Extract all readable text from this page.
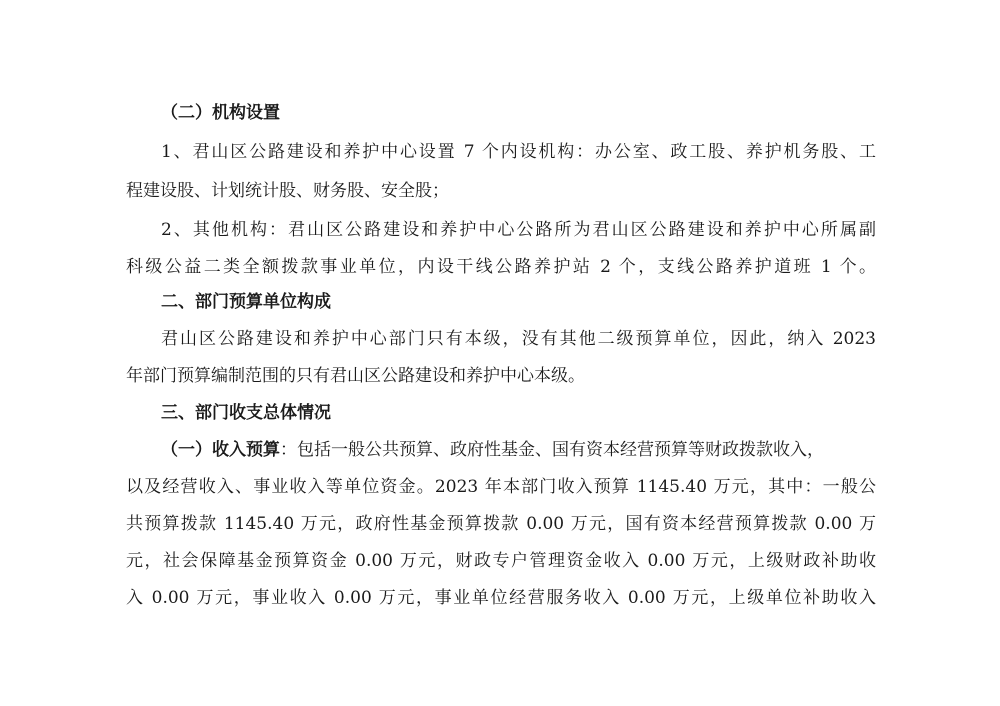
（二）机构设置
1、君山区公路建设和养护中心设置 7 个内设机构：办公室、政工股、养护机务股、工
程建设股、计划统计股、财务股、安全股；
2、其他机构：君山区公路建设和养护中心公路所为君山区公路建设和养护中心所属副
科级公益二类全额拨款事业单位，内设干线公路养护站 2 个，支线公路养护道班 1 个。
二、部门预算单位构成
君山区公路建设和养护中心部门只有本级，没有其他二级预算单位，因此，纳入 2023
年部门预算编制范围的只有君山区公路建设和养护中心本级。
三、部门收支总体情况
（一）收入预算：包括一般公共预算、政府性基金、国有资本经营预算等财政拨款收入，
以及经营收入、事业收入等单位资金。2023 年本部门收入预算 1145.40 万元，其中：一般公
共预算拨款 1145.40 万元，政府性基金预算拨款 0.00 万元，国有资本经营预算拨款 0.00 万
元，社会保障基金预算资金 0.00 万元，财政专户管理资金收入 0.00 万元，上级财政补助收
入 0.00 万元，事业收入 0.00 万元，事业单位经营服务收入 0.00 万元，上级单位补助收入
